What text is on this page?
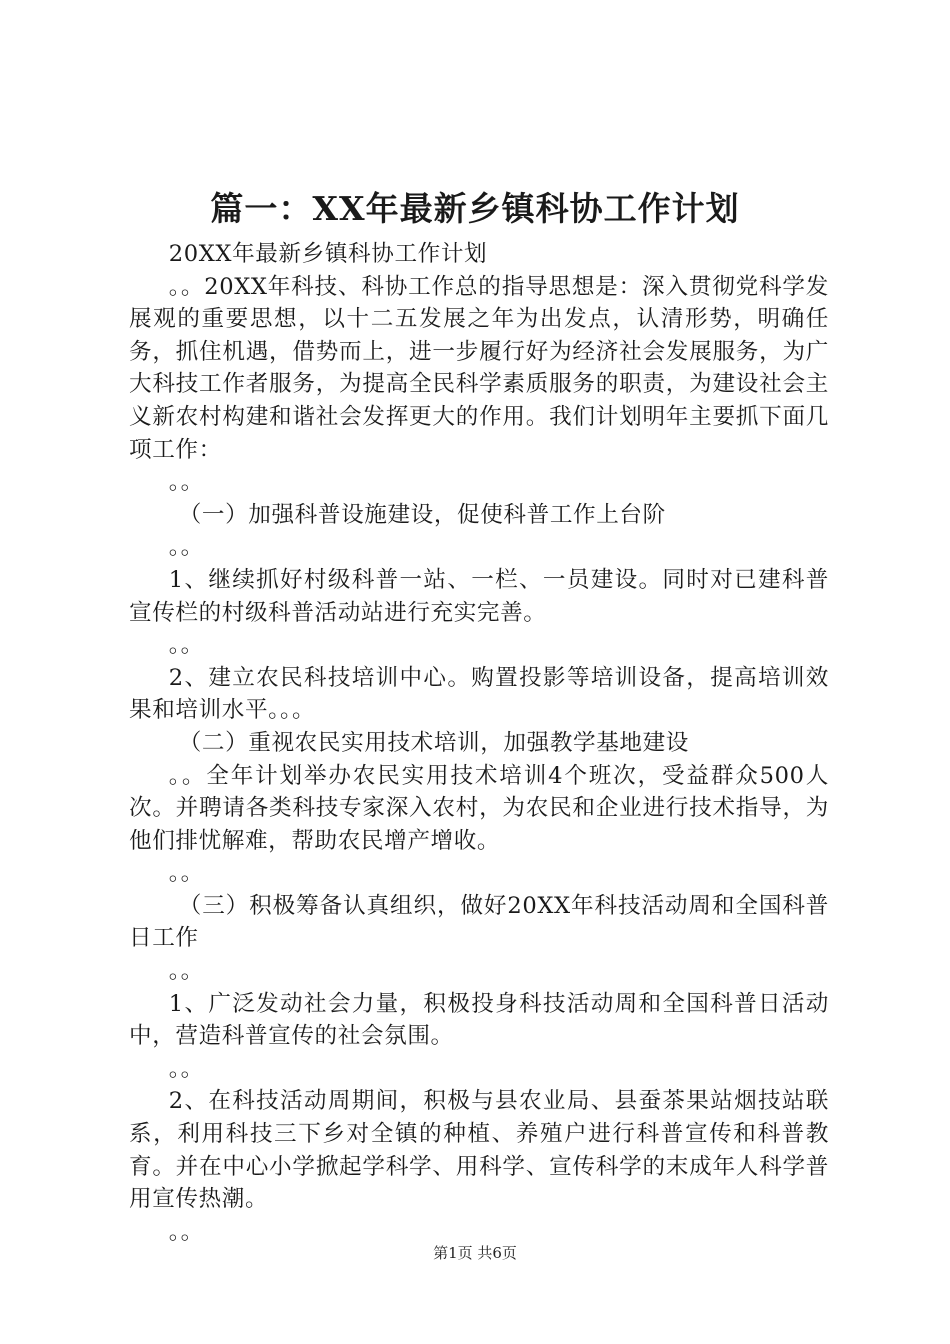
篇一：XX年最新乡镇科协工作计划

20XX年最新乡镇科协工作计划

。。20XX年科技、科协工作总的指导思想是：深入贯彻党科学发展观的重要思想，以十二五发展之年为出发点，认清形势，明确任务，抓住机遇，借势而上，进一步履行好为经济社会发展服务，为广大科技工作者服务，为提高全民科学素质服务的职责，为建设社会主义新农村构建和谐社会发挥更大的作用。我们计划明年主要抓下面几项工作：

。。

（一）加强科普设施建设，促使科普工作上台阶

。。

1、继续抓好村级科普一站、一栏、一员建设。同时对已建科普宣传栏的村级科普活动站进行充实完善。

。。

2、建立农民科技培训中心。购置投影等培训设备，提高培训效果和培训水平。。。

（二）重视农民实用技术培训，加强教学基地建设

。。全年计划举办农民实用技术培训4个班次，受益群众500人次。并聘请各类科技专家深入农村，为农民和企业进行技术指导，为他们排忧解难，帮助农民增产增收。

。。

（三）积极筹备认真组织，做好20XX年科技活动周和全国科普日工作

。。

1、广泛发动社会力量，积极投身科技活动周和全国科普日活动中，营造科普宣传的社会氛围。

。。

2、在科技活动周期间，积极与县农业局、县蚕茶果站烟技站联系，利用科技三下乡对全镇的种植、养殖户进行科普宣传和科普教育。并在中心小学掀起学科学、用科学、宣传科学的末成年人科学普用宣传热潮。

。。

第1页 共6页
